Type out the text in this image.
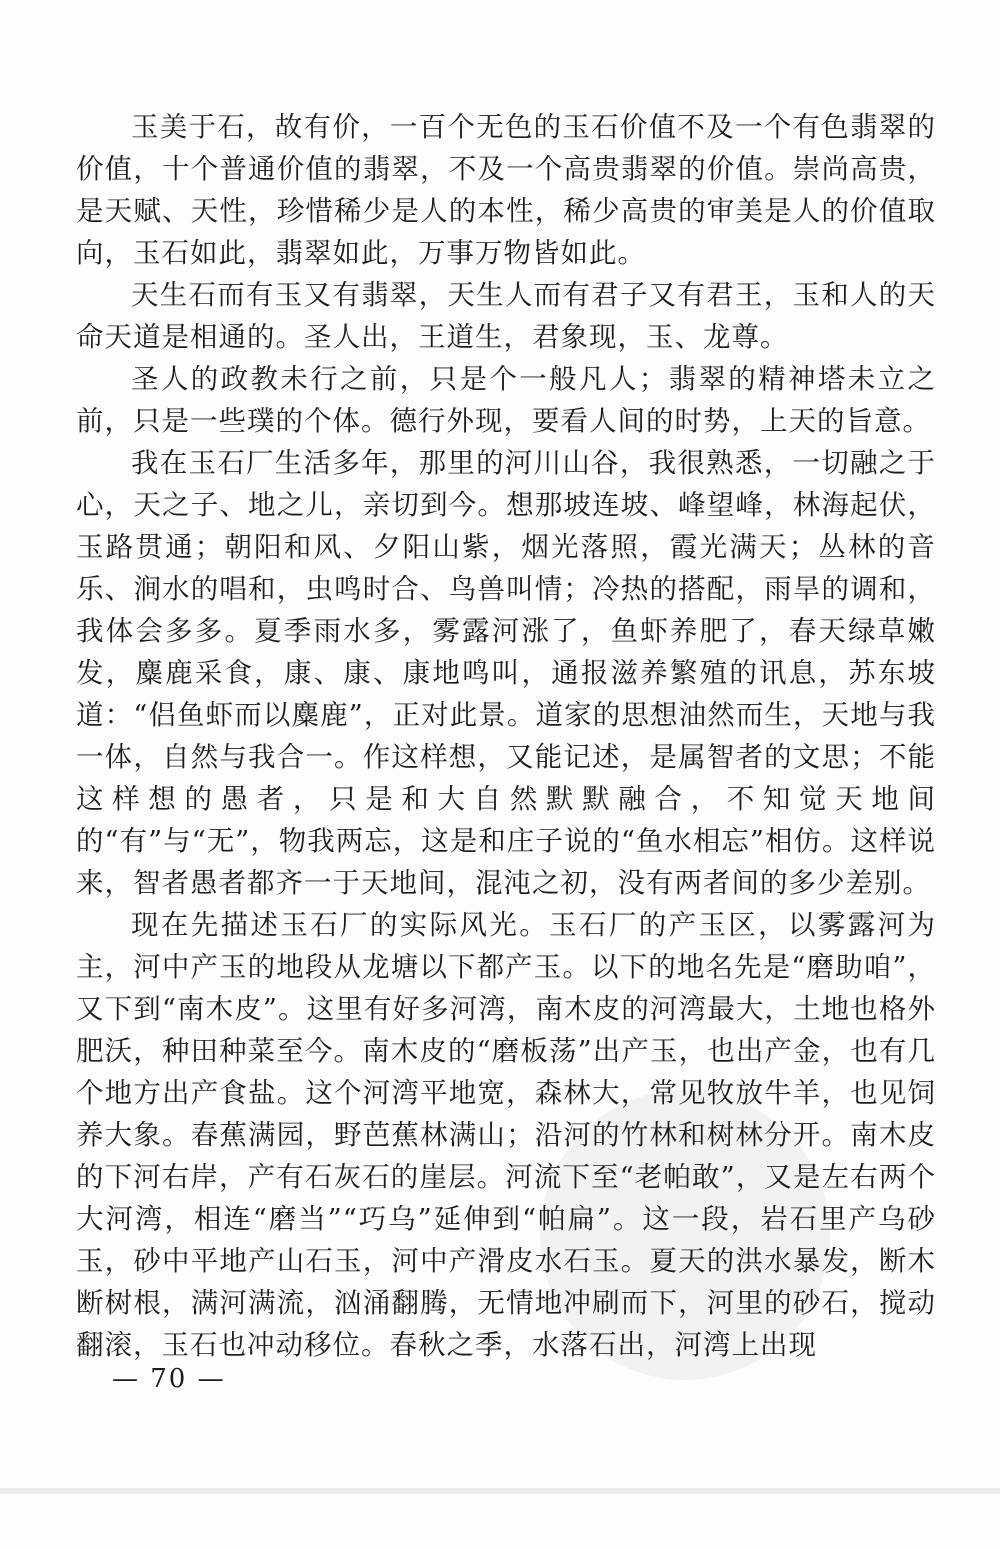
玉美于石，故有价，一百个无色的玉石价值不及一个有色翡翠的价值，十个普通价值的翡翠，不及一个高贵翡翠的价值。崇尚高贵，是天赋、天性，珍惜稀少是人的本性，稀少高贵的审美是人的价值取向，玉石如此，翡翠如此，万事万物皆如此。

天生石而有玉又有翡翠，天生人而有君子又有君王，玉和人的天命天道是相通的。圣人出，王道生，君象现，玉、龙尊。

圣人的政教未行之前，只是个一般凡人；翡翠的精神塔未立之前，只是一些璞的个体。德行外现，要看人间的时势，上天的旨意。

我在玉石厂生活多年，那里的河川山谷，我很熟悉，一切融之于心，天之子、地之儿，亲切到今。想那坡连坡、峰望峰，林海起伏，玉路贯通；朝阳和风、夕阳山紫，烟光落照，霞光满天；丛林的音乐、涧水的唱和，虫鸣时合、鸟兽叫情；冷热的搭配，雨旱的调和，我体会多多。夏季雨水多，雾露河涨了，鱼虾养肥了，春天绿草嫩发，麋鹿采食，康、康、康地鸣叫，通报滋养繁殖的讯息，苏东坡道：“侣鱼虾而以麋鹿”，正对此景。道家的思想油然而生，天地与我一体，自然与我合一。作这样想，又能记述，是属智者的文思；不能这样想的愚者，只是和大自然默默融合，不知觉天地间的“有”与“无”，物我两忘，这是和庄子说的“鱼水相忘”相仿。这样说来，智者愚者都齐一于天地间，混沌之初，没有两者间的多少差别。

现在先描述玉石厂的实际风光。玉石厂的产玉区，以雾露河为主，河中产玉的地段从龙塘以下都产玉。以下的地名先是“磨助咱”，又下到“南木皮”。这里有好多河湾，南木皮的河湾最大，土地也格外肥沃，种田种菜至今。南木皮的“磨板荡”出产玉，也出产金，也有几个地方出产食盐。这个河湾平地宽，森林大，常见牧放牛羊，也见饲养大象。春蕉满园，野芭蕉林满山；沿河的竹林和树林分开。南木皮的下河右岸，产有石灰石的崖层。河流下至“老帕敢”，又是左右两个大河湾，相连“磨当”“巧乌”延伸到“帕扁”。这一段，岩石里产乌砂玉，砂中平地产山石玉，河中产滑皮水石玉。夏天的洪水暴发，断木断树根，满河满流，汹涌翻腾，无情地冲刷而下，河里的砂石，搅动翻滚，玉石也冲动移位。春秋之季，水落石出，河湾上出现

— 70 —
